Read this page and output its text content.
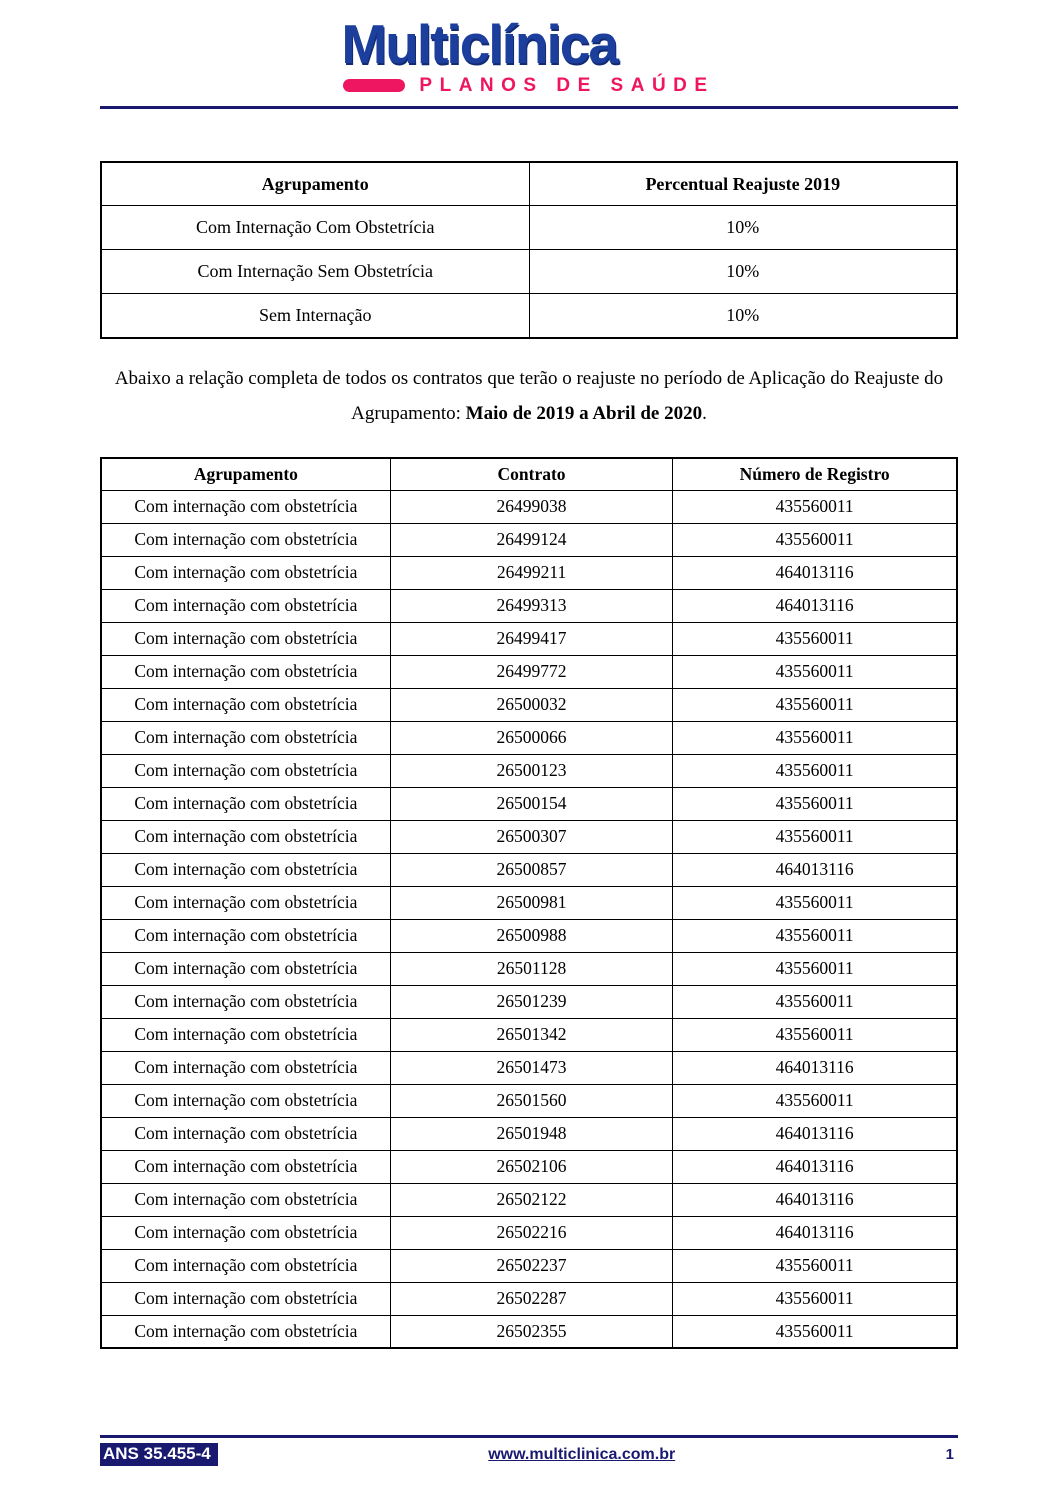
Multiclínica
PLANOS DE SAÚDE
Agrupamento	Percentual Reajuste 2019
Com Internação Com Obstetrícia	10%
Com Internação Sem Obstetrícia	10%
Sem Internação	10%

Abaixo a relação completa de todos os contratos que terão o reajuste no período de Aplicação do Reajuste do Agrupamento: Maio de 2019 a Abril de 2020.

Agrupamento	Contrato	Número de Registro
Com internação com obstetrícia	26499038	435560011
Com internação com obstetrícia	26499124	435560011
Com internação com obstetrícia	26499211	464013116
Com internação com obstetrícia	26499313	464013116
Com internação com obstetrícia	26499417	435560011
Com internação com obstetrícia	26499772	435560011
Com internação com obstetrícia	26500032	435560011
Com internação com obstetrícia	26500066	435560011
Com internação com obstetrícia	26500123	435560011
Com internação com obstetrícia	26500154	435560011
Com internação com obstetrícia	26500307	435560011
Com internação com obstetrícia	26500857	464013116
Com internação com obstetrícia	26500981	435560011
Com internação com obstetrícia	26500988	435560011
Com internação com obstetrícia	26501128	435560011
Com internação com obstetrícia	26501239	435560011
Com internação com obstetrícia	26501342	435560011
Com internação com obstetrícia	26501473	464013116
Com internação com obstetrícia	26501560	435560011
Com internação com obstetrícia	26501948	464013116
Com internação com obstetrícia	26502106	464013116
Com internação com obstetrícia	26502122	464013116
Com internação com obstetrícia	26502216	464013116
Com internação com obstetrícia	26502237	435560011
Com internação com obstetrícia	26502287	435560011
Com internação com obstetrícia	26502355	435560011
ANS 35.455-4	www.multiclinica.com.br	1
